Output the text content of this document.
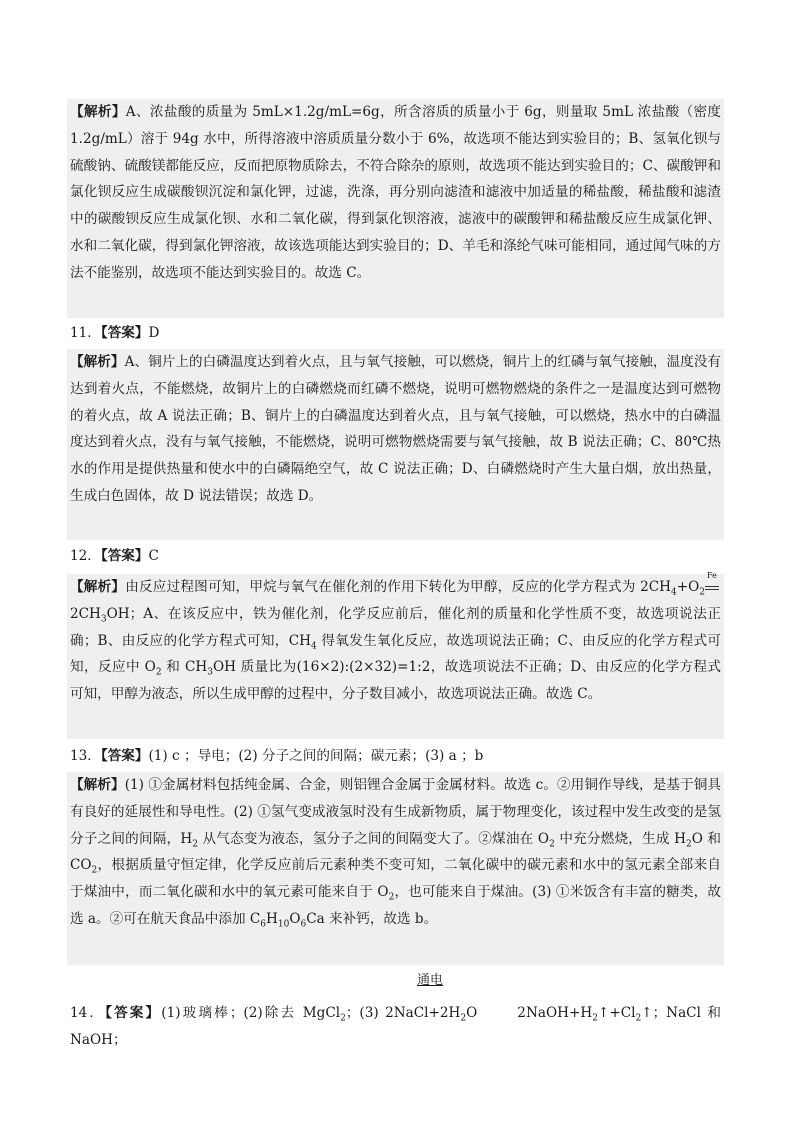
【解析】A、浓盐酸的质量为 5mL×1.2g/mL=6g，所含溶质的质量小于 6g，则量取 5mL 浓盐酸（密度 1.2g/mL）溶于 94g 水中，所得溶液中溶质质量分数小于 6%，故选项不能达到实验目的；B、氢氧化钡与硫酸钠、硫酸镁都能反应，反而把原物质除去，不符合除杂的原则，故选项不能达到实验目的；C、碳酸钾和氯化钡反应生成碳酸钡沉淀和氯化钾，过滤，洗涤，再分别向滤渣和滤液中加适量的稀盐酸，稀盐酸和滤渣中的碳酸钡反应生成氯化钡、水和二氧化碳，得到氯化钡溶液，滤液中的碳酸钾和稀盐酸反应生成氯化钾、水和二氧化碳，得到氯化钾溶液，故该选项能达到实验目的；D、羊毛和涤纶气味可能相同，通过闻气味的方法不能鉴别，故选项不能达到实验目的。故选 C。
11．【答案】D
【解析】A、铜片上的白磷温度达到着火点，且与氧气接触，可以燃烧，铜片上的红磷与氧气接触，温度没有达到着火点，不能燃烧，故铜片上的白磷燃烧而红磷不燃烧，说明可燃物燃烧的条件之一是温度达到可燃物的着火点，故 A 说法正确；B、铜片上的白磷温度达到着火点，且与氧气接触，可以燃烧，热水中的白磷温度达到着火点，没有与氧气接触，不能燃烧，说明可燃物燃烧需要与氧气接触，故 B 说法正确；C、80℃热水的作用是提供热量和使水中的白磷隔绝空气，故 C 说法正确；D、白磷燃烧时产生大量白烟，放出热量，生成白色固体，故 D 说法错误；故选 D。
12．【答案】C
【解析】由反应过程图可知，甲烷与氧气在催化剂的作用下转化为甲醇，反应的化学方程式为 $2CH_4+O_2$
Fe
$2CH_3OH$；A、在该反应中，铁为催化剂，化学反应前后，催化剂的质量和化学性质不变，故选项说法正确；B、由反应的化学方程式可知，$CH_4$ 得氧发生氧化反应，故选项说法正确；C、由反应的化学方程式可知，反应中 $O_2$ 和 $CH_3OH$ 质量比为(16×2):(2×32)=1:2，故选项说法不正确；D、由反应的化学方程式可知，甲醇为液态，所以生成甲醇的过程中，分子数目减小，故选项说法正确。故选 C。
13．【答案】(1) c ；导电；(2) 分子之间的间隔；碳元素；(3) a ；b
【解析】(1) ①金属材料包括纯金属、合金，则铝锂合金属于金属材料。故选 c。②用铜作导线，是基于铜具有良好的延展性和导电性。(2) ①氢气变成液氢时没有生成新物质，属于物理变化，该过程中发生改变的是氢分子之间的间隔，$H_2$ 从气态变为液态，氢分子之间的间隔变大了。②煤油在 $O_2$ 中充分燃烧，生成 $H_2O$ 和 $CO_2$，根据质量守恒定律，化学反应前后元素种类不变可知，二氧化碳中的碳元素和水中的氢元素全部来自于煤油中，而二氧化碳和水中的氧元素可能来自于 $O_2$，也可能来自于煤油。(3) ①米饭含有丰富的糖类，故选 a。②可在航天食品中添加 $C_6H_{10}O_6Ca$ 来补钙，故选 b。
通电
14．【答案】(1)玻璃棒；(2)除去 MgCl$_2$；(3) $2NaCl+2H_2O$	$2NaOH+H_2↑+Cl_2↑$；NaCl 和 NaOH；
